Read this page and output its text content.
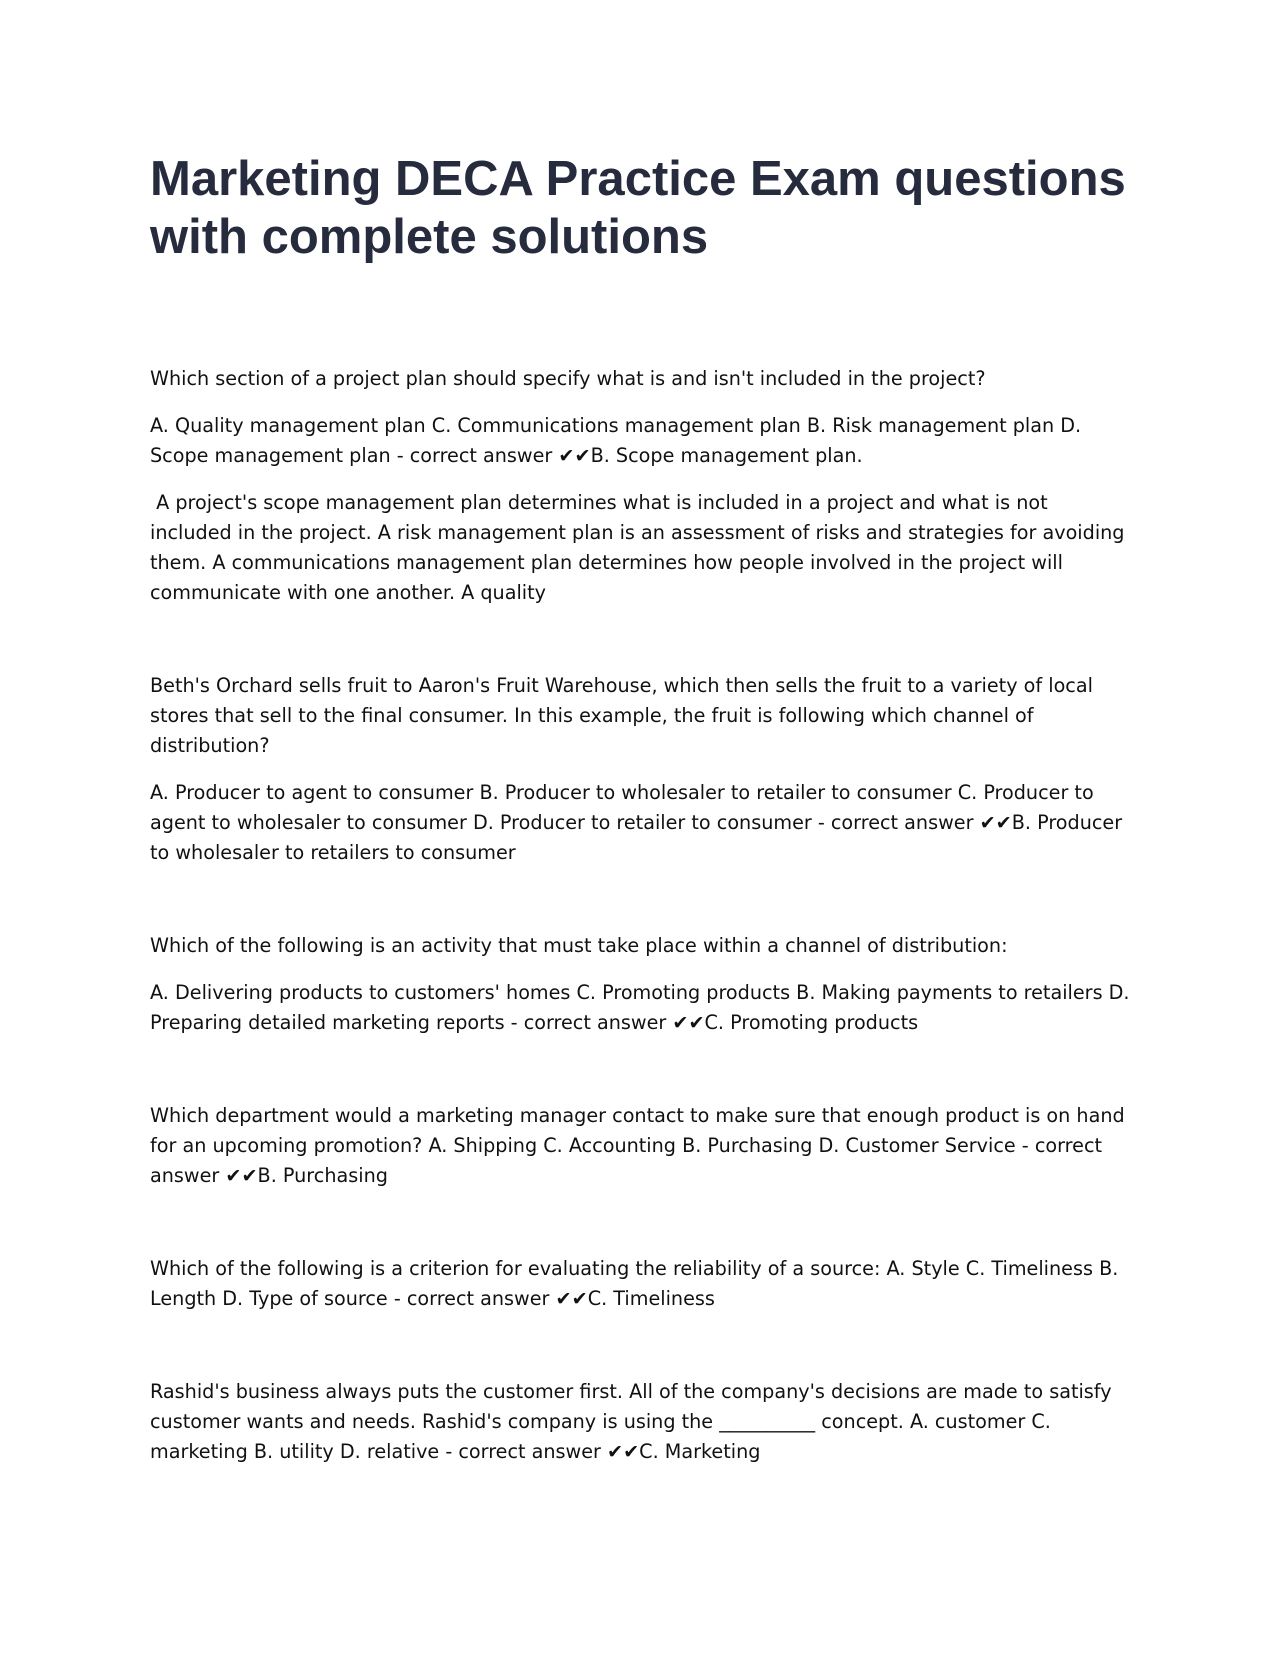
Marketing DECA Practice Exam questions with complete solutions

Which section of a project plan should specify what is and isn't included in the project?

A. Quality management plan C. Communications management plan B. Risk management plan D. Scope management plan - correct answer ✔✔B. Scope management plan.

A project's scope management plan determines what is included in a project and what is not included in the project. A risk management plan is an assessment of risks and strategies for avoiding them. A communications management plan determines how people involved in the project will communicate with one another. A quality

Beth's Orchard sells fruit to Aaron's Fruit Warehouse, which then sells the fruit to a variety of local stores that sell to the final consumer. In this example, the fruit is following which channel of distribution?

A. Producer to agent to consumer B. Producer to wholesaler to retailer to consumer C. Producer to agent to wholesaler to consumer D. Producer to retailer to consumer - correct answer ✔✔B. Producer to wholesaler to retailers to consumer

Which of the following is an activity that must take place within a channel of distribution:

A. Delivering products to customers' homes C. Promoting products B. Making payments to retailers D. Preparing detailed marketing reports - correct answer ✔✔C. Promoting products

Which department would a marketing manager contact to make sure that enough product is on hand for an upcoming promotion? A. Shipping C. Accounting B. Purchasing D. Customer Service - correct answer ✔✔B. Purchasing

Which of the following is a criterion for evaluating the reliability of a source: A. Style C. Timeliness B. Length D. Type of source - correct answer ✔✔C. Timeliness

Rashid's business always puts the customer first. All of the company's decisions are made to satisfy customer wants and needs. Rashid's company is using the __________ concept. A. customer C. marketing B. utility D. relative - correct answer ✔✔C. Marketing
